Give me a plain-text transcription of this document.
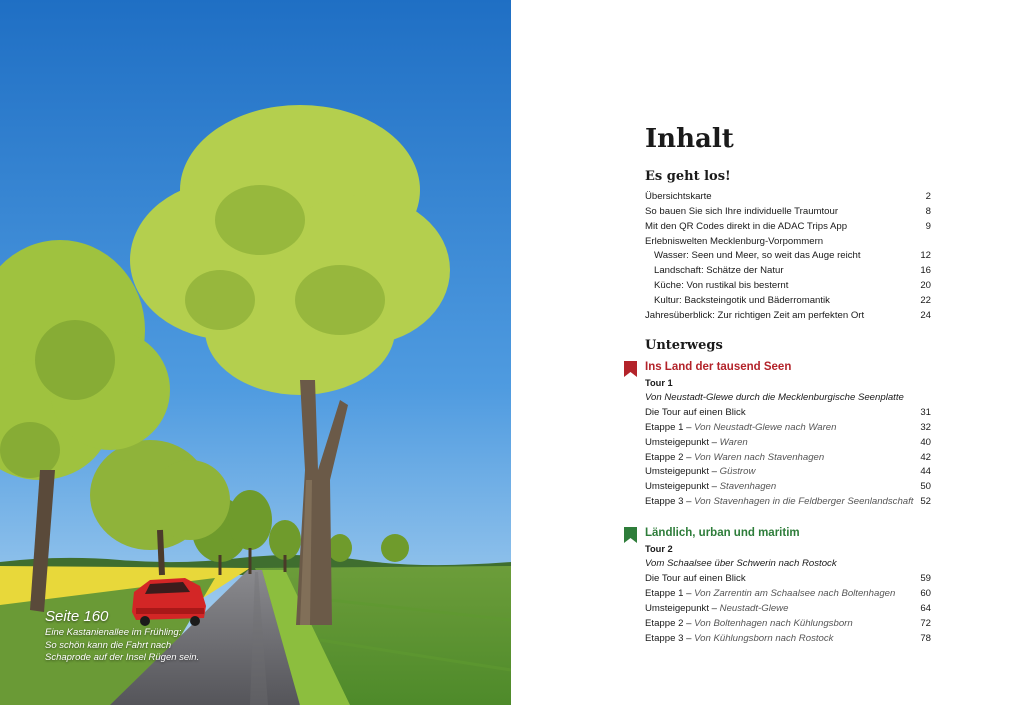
Seite 160
Eine Kastanienallee im Frühling:
So schön kann die Fahrt nach
Schaprode auf der Insel Rügen sein.
Inhalt
Es geht los!
Übersichtskarte	2
So bauen Sie sich Ihre individuelle Traumtour	8
Mit den QR Codes direkt in die ADAC Trips App	9
Erlebniswelten Mecklenburg-Vorpommern
Wasser: Seen und Meer, so weit das Auge reicht	12
Landschaft: Schätze der Natur	16
Küche: Von rustikal bis besternt	20
Kultur: Backsteingotik und Bäderromantik	22
Jahresüberblick: Zur richtigen Zeit am perfekten Ort	24
Unterwegs
Ins Land der tausend Seen
Tour 1
Von Neustadt-Glewe durch die Mecklenburgische Seenplatte
Die Tour auf einen Blick	31
Etappe 1 – Von Neustadt-Glewe nach Waren	32
Umsteigepunkt – Waren	40
Etappe 2 – Von Waren nach Stavenhagen	42
Umsteigepunkt – Güstrow	44
Umsteigepunkt – Stavenhagen	50
Etappe 3 – Von Stavenhagen in die Feldberger Seenlandschaft 52
Ländlich, urban und maritim
Tour 2
Vom Schaalsee über Schwerin nach Rostock
Die Tour auf einen Blick	59
Etappe 1 – Von Zarrentin am Schaalsee nach Boltenhagen	60
Umsteigepunkt – Neustadt-Glewe	64
Etappe 2 – Von Boltenhagen nach Kühlungsborn	72
Etappe 3 – Von Kühlungsborn nach Rostock	78
